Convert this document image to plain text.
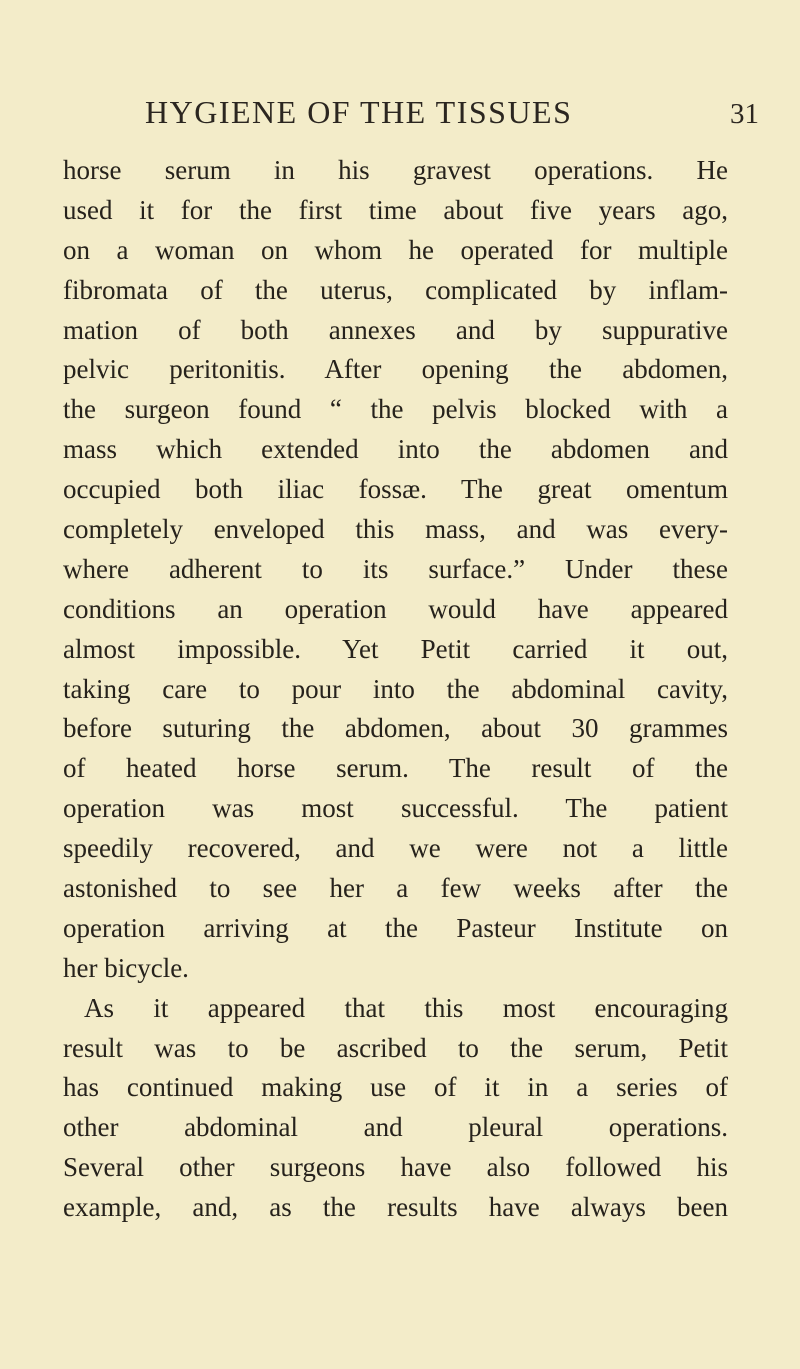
HYGIENE OF THE TISSUES	31
horse serum in his gravest operations. He
used it for the first time about five years ago,
on a woman on whom he operated for multiple
fibromata of the uterus, complicated by inflam-
mation of both annexes and by suppurative
pelvic peritonitis. After opening the abdomen,
the surgeon found “ the pelvis blocked with a
mass which extended into the abdomen and
occupied both iliac fossæ. The great omentum
completely enveloped this mass, and was every-
where adherent to its surface.” Under these
conditions an operation would have appeared
almost impossible. Yet Petit carried it out,
taking care to pour into the abdominal cavity,
before suturing the abdomen, about 30 grammes
of heated horse serum. The result of the
operation was most successful. The patient
speedily recovered, and we were not a little
astonished to see her a few weeks after the
operation arriving at the Pasteur Institute on
her bicycle.
As it appeared that this most encouraging
result was to be ascribed to the serum, Petit
has continued making use of it in a series of
other abdominal and pleural operations.
Several other surgeons have also followed his
example, and, as the results have always been
